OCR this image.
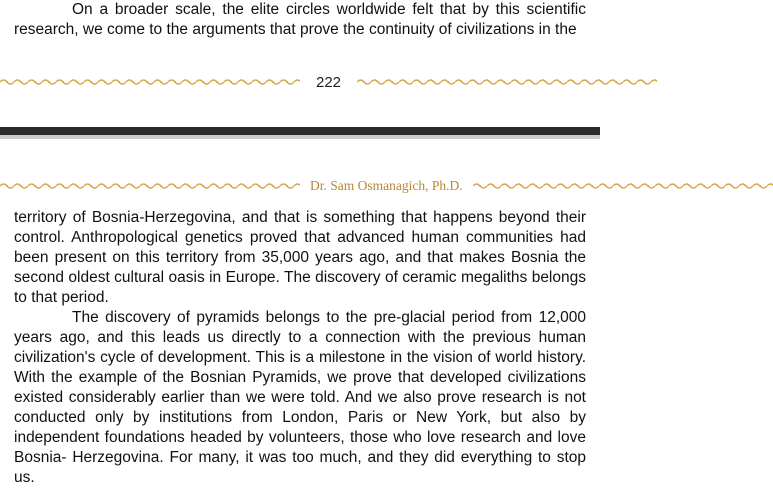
On a broader scale, the elite circles worldwide felt that by this scientific research, we come to the arguments that prove the continuity of civilizations in the

222
Dr. Sam Osmanagich, Ph.D.

territory of Bosnia-Herzegovina, and that is something that happens beyond their control. Anthropological genetics proved that advanced human communities had been present on this territory from 35,000 years ago, and that makes Bosnia the second oldest cultural oasis in Europe. The discovery of ceramic megaliths belongs to that period.

The discovery of pyramids belongs to the pre-glacial period from 12,000 years ago, and this leads us directly to a connection with the previous human civilization's cycle of development. This is a milestone in the vision of world history. With the example of the Bosnian Pyramids, we prove that developed civilizations existed considerably earlier than we were told. And we also prove research is not conducted only by institutions from London, Paris or New York, but also by independent foundations headed by volunteers, those who love research and love Bosnia- Herzegovina. For many, it was too much, and they did everything to stop us.
